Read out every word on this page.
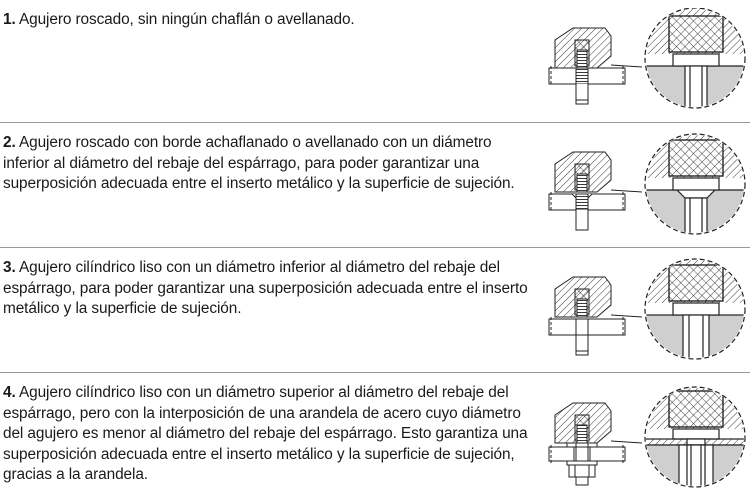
1. Agujero roscado, sin ningún chaflán o avellanado.

2. Agujero roscado con borde achaflanado o avellanado con un diámetro inferior al diámetro del rebaje del espárrago, para poder garantizar una superposición adecuada entre el inserto metálico y la superficie de sujeción.

3. Agujero cilíndrico liso con un diámetro inferior al diámetro del rebaje del espárrago, para poder garantizar una superposición adecuada entre el inserto metálico y la superficie de sujeción.

4. Agujero cilíndrico liso con un diámetro superior al diámetro del rebaje del espárrago, pero con la interposición de una arandela de acero cuyo diámetro del agujero es menor al diámetro del rebaje del espárrago. Esto garantiza una superposición adecuada entre el inserto metálico y la superficie de sujeción, gracias a la arandela.
